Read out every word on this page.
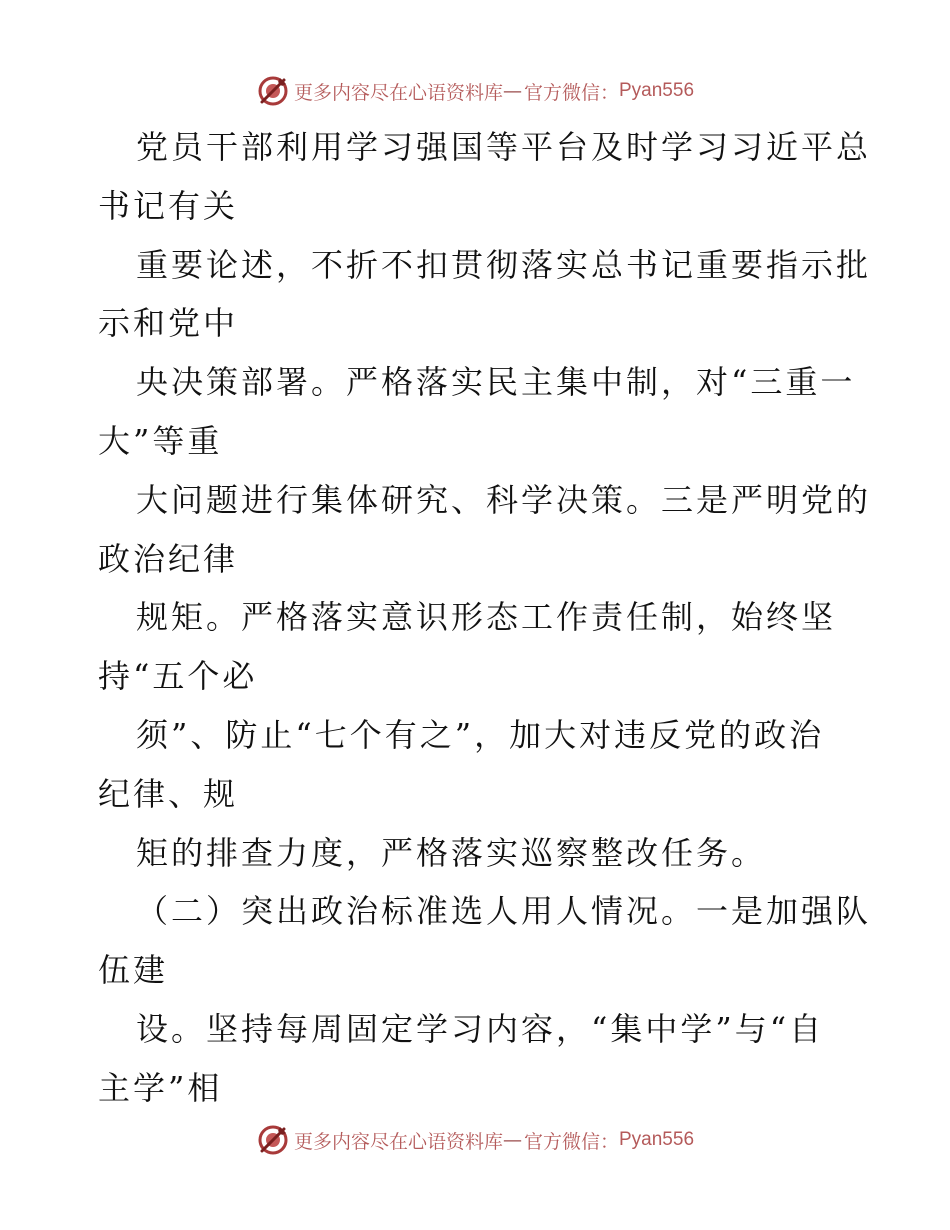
更多内容尽在心语资料库 — 官方微信： Pyan556
党员干部利用学习强国等平台及时学习习近平总
书记有关
重要论述，不折不扣贯彻落实总书记重要指示批
示和党中
央决策部署。严格落实民主集中制，对“三重一
大”等重
大问题进行集体研究、科学决策。三是严明党的
政治纪律
规矩。严格落实意识形态工作责任制，始终坚
持“五个必
须”、防止“七个有之”，加大对违反党的政治
纪律、规
矩的排查力度，严格落实巡察整改任务。
（二）突出政治标准选人用人情况。一是加强队
伍建
设。坚持每周固定学习内容，“集中学”与“自
主学”相
更多内容尽在心语资料库 — 官方微信： Pyan556
